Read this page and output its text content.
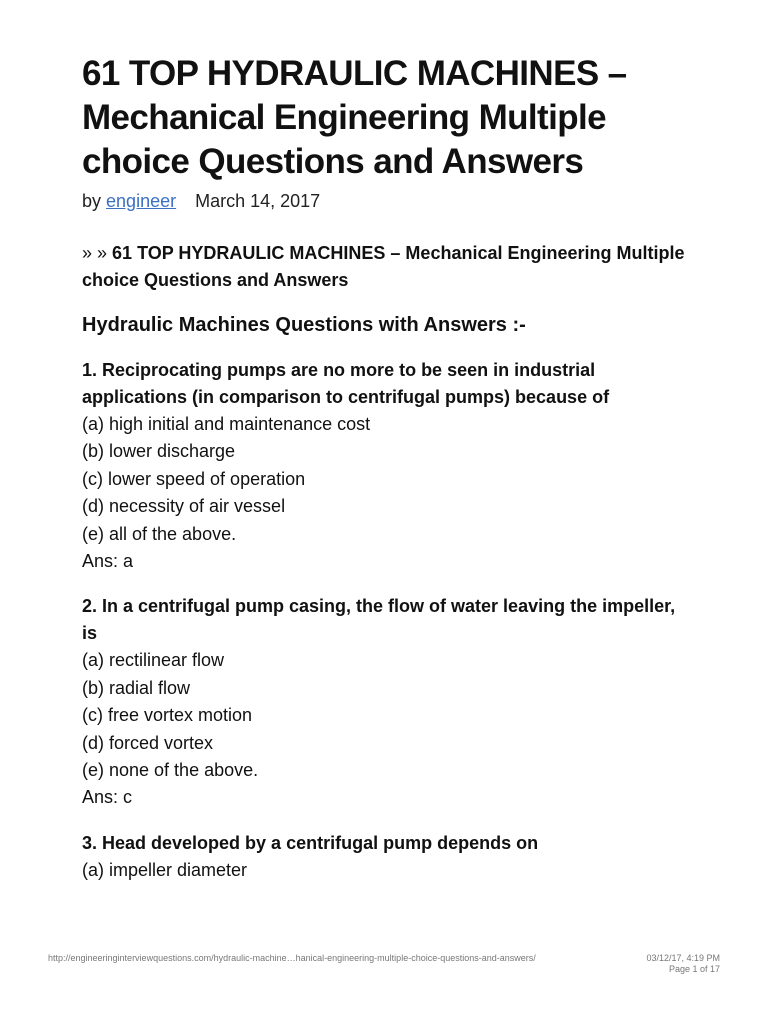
61 TOP HYDRAULIC MACHINES – Mechanical Engineering Multiple choice Questions and Answers
by engineer March 14, 2017
» » 61 TOP HYDRAULIC MACHINES – Mechanical Engineering Multiple choice Questions and Answers
Hydraulic Machines Questions with Answers :-
1. Reciprocating pumps are no more to be seen in industrial applications (in comparison to centrifugal pumps) because of
(a) high initial and maintenance cost
(b) lower discharge
(c) lower speed of operation
(d) necessity of air vessel
(e) all of the above.
Ans: a
2. In a centrifugal pump casing, the flow of water leaving the impeller, is
(a) rectilinear flow
(b) radial flow
(c) free vortex motion
(d) forced vortex
(e) none of the above.
Ans: c
3. Head developed by a centrifugal pump depends on
(a) impeller diameter
http://engineeringinterviewquestions.com/hydraulic-machine…hanical-engineering-multiple-choice-questions-and-answers/	03/12/17, 4:19 PM
Page 1 of 17
